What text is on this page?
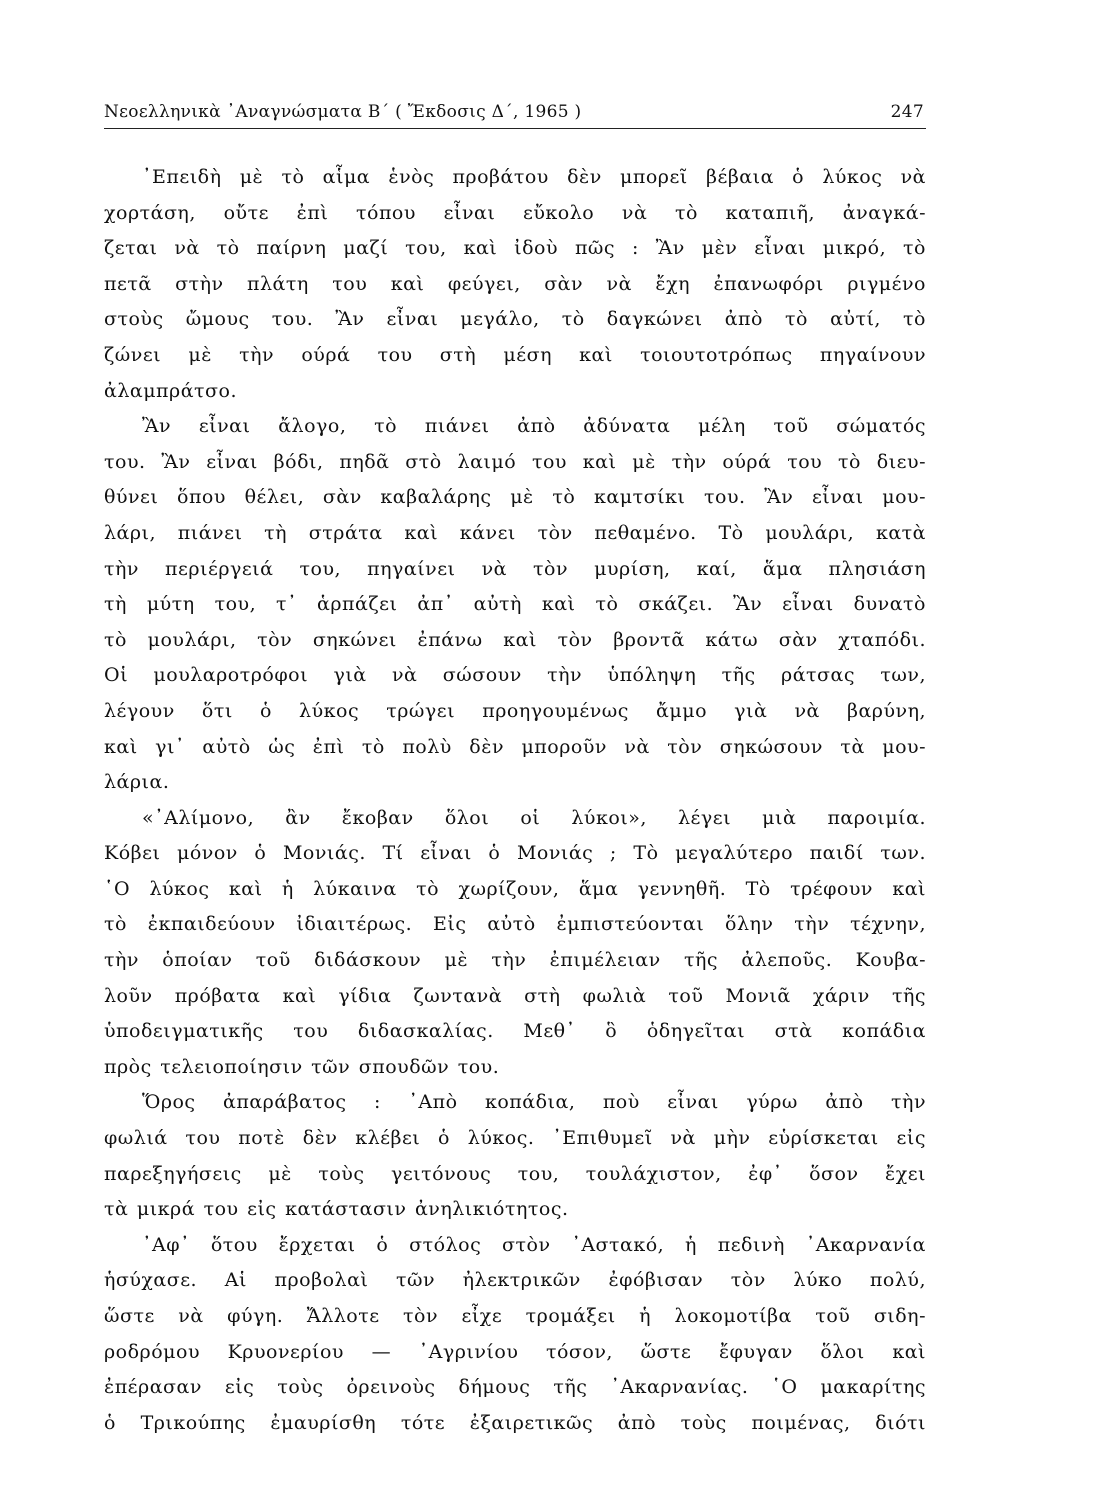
Νεοελληνικὰ ᾿Αναγνώσματα Β΄ ( Ἔκδοσις Δ΄, 1965 )	247
᾿Επειδὴ μὲ τὸ αἷμα ἑνὸς προβάτου δὲν μπορεῖ βέβαια ὁ λύκος νὰ
χορτάση, οὔτε ἐπὶ τόπου εἶναι εὔκολο νὰ τὸ καταπιῆ, ἀναγκά-
ζεται νὰ τὸ παίρνη μαζί του, καὶ ἰδοὺ πῶς : Ἂν μὲν εἶναι μικρό, τὸ
πετᾶ στὴν πλάτη του καὶ φεύγει, σὰν νὰ ἔχη ἐπανωφόρι ριγμένο
στοὺς ὤμους του. Ἂν εἶναι μεγάλο, τὸ δαγκώνει ἀπὸ τὸ αὐτί, τὸ
ζώνει μὲ τὴν ούρά του στὴ μέση καὶ τοιουτοτρόπως πηγαίνουν
ἀλαμπράτσο.
Ἂν εἶναι ἄλογο, τὸ πιάνει ἀπὸ ἀδύνατα μέλη τοῦ σώματός
του. Ἂν εἶναι βόδι, πηδᾶ στὸ λαιμό του καὶ μὲ τὴν ούρά του τὸ διευ-
θύνει ὅπου θέλει, σὰν καβαλάρης μὲ τὸ καμτσίκι του. Ἂν εἶναι μου-
λάρι, πιάνει τὴ στράτα καὶ κάνει τὸν πεθαμένο. Τὸ μουλάρι, κατὰ
τὴν περιέργειά του, πηγαίνει νὰ τὸν μυρίση, καί, ἅμα πλησιάση
τὴ μύτη του, τ᾿ ἁρπάζει ἀπ᾿ αὐτὴ καὶ τὸ σκάζει. Ἂν εἶναι δυνατὸ
τὸ μουλάρι, τὸν σηκώνει ἐπάνω καὶ τὸν βροντᾶ κάτω σὰν χταπόδι.
Οἱ μουλαροτρόφοι γιὰ νὰ σώσουν τὴν ὑπόληψη τῆς ράτσας των,
λέγουν ὅτι ὁ λύκος τρώγει προηγουμένως ἄμμο γιὰ νὰ βαρύνη,
καὶ γι᾿ αὐτὸ ὡς ἐπὶ τὸ πολὺ δὲν μποροῦν νὰ τὸν σηκώσουν τὰ μου-
λάρια.
«᾿Αλίμονο, ἂν ἔκοβαν ὅλοι οἱ λύκοι», λέγει μιὰ παροιμία.
Κόβει μόνον ὁ Μονιάς. Τί εἶναι ὁ Μονιάς ; Τὸ μεγαλύτερο παιδί των.
῾Ο λύκος καὶ ἡ λύκαινα τὸ χωρίζουν, ἅμα γεννηθῆ. Τὸ τρέφουν καὶ
τὸ ἐκπαιδεύουν ἰδιαιτέρως. Εἰς αὐτὸ ἐμπιστεύονται ὅλην τὴν τέχνην,
τὴν ὁποίαν τοῦ διδάσκουν μὲ τὴν ἐπιμέλειαν τῆς ἀλεποῦς. Κουβα-
λοῦν πρόβατα καὶ γίδια ζωντανὰ στὴ φωλιὰ τοῦ Μονιᾶ χάριν τῆς
ὑποδειγματικῆς του διδασκαλίας. Μεθ᾿ ὃ ὁδηγεῖται στὰ κοπάδια
πρὸς τελειοποίησιν τῶν σπουδῶν του.
Ὅρος ἀπαράβατος : ᾿Απὸ κοπάδια, ποὺ εἶναι γύρω ἀπὸ τὴν
φωλιά του ποτὲ δὲν κλέβει ὁ λύκος. ᾿Επιθυμεῖ νὰ μὴν εὑρίσκεται εἰς
παρεξηγήσεις μὲ τοὺς γειτόνους του, τουλάχιστον, ἐφ᾿ ὅσον ἔχει
τὰ μικρά του εἰς κατάστασιν ἀνηλικιότητος.
᾿Αφ᾿ ὅτου ἔρχεται ὁ στόλος στὸν ᾿Αστακό, ἡ πεδινὴ ᾿Ακαρνανία
ἡσύχασε. Αἱ προβολαὶ τῶν ἠλεκτρικῶν ἐφόβισαν τὸν λύκο πολύ,
ὥστε νὰ φύγη. Ἄλλοτε τὸν εἶχε τρομάξει ἡ λοκομοτίβα τοῦ σιδη-
ροδρόμου Κρυονερίου — ᾿Αγρινίου τόσον, ὥστε ἔφυγαν ὅλοι καὶ
ἐπέρασαν εἰς τοὺς ὀρεινοὺς δήμους τῆς ᾿Ακαρνανίας. ῾Ο μακαρίτης
ὁ Τρικούπης ἐμαυρίσθη τότε ἐξαιρετικῶς ἀπὸ τοὺς ποιμένας, διότι
